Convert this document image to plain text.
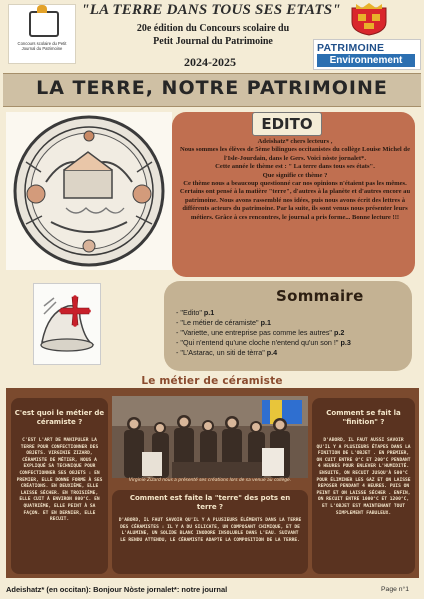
Concours scolaire du Petit Journal du Patrimoine
"LA TERRE DANS TOUS SES ETATS"
20e édition du Concours scolaire du
Petit Journal du Patrimoine
2024-2025
PATRIMOINE
Environnement
LA TERRE, NOTRE PATRIMOINE
EDITO

Adeishatz* chers lecteurs ,

Nous sommes les élèves de 5ème bilingues occitanistes du collège Louise Michel de l'Isle-Jourdain, dans le Gers. Voici nòste jornalet*.

Cette année le thème est : " La terre dans tous ses états".

Que signifie ce thème ?

Ce thème nous a beaucoup questionné car nos opinions n'étaient pas les mêmes. Certains ont pensé à la matière "terre", d'autres à la planète et d'autres encore au patrimoine. Nous avons rassemblé nos idées, puis nous avons écrit des lettres à différents acteurs du patrimoine. Par la suite, ils sont venus nous présenter leurs métiers. Grâce à ces rencontres, le journal a pris forme... Bonne lecture !!!

Sommaire
- "Edito" p.1
- "Le métier de céramiste" p.1
- "Variette, une entreprise pas comme les autres" p.2
- "Qui n'entend qu'une cloche n'entend qu'un son !" p.3
- "L'Astarac, un siti de tèrra" p.4
Le métier de céramiste
C'est quoi le métier de céramiste ?
C'EST L'ART DE MANIPULER LA TERRE POUR CONFECTIONNER DES OBJETS. VIRGINIE ZIZARD, CÉRAMISTE DE MÉTIER, NOUS A EXPLIQUÉ SA TECHNIQUE POUR CONFECTIONNER SES OBJETS : EN PREMIER, ELLE DONNE FORME À SES CRÉATIONS. EN DEUXIÈME, ELLE LAISSE SÉCHER. EN TROISIÈME, ELLE CUIT À ENVIRON 800°C. EN QUATRIÈME, ELLE PEINT À SA FAÇON. ET EN DERNIER, ELLE RECUIT.
Virginie Zizard nous a présenté ses créations lors de sa venue au collège.
Comment est faite la "terre" des pots en terre ?
D'ABORD, IL FAUT SAVOIR QU'IL Y A PLUSIEURS ÉLÉMENTS DANS LA TERRE DES CÉRAMISTES : IL Y A DU SILICATE, UN COMPOSANT CHIMIQUE, ET DE L'ALUMINE, UN SOLIDE BLANC INODORE INSOLUBLE DANS L'EAU. SUIVANT LE RENDU ATTENDU, LE CÉRAMISTE ADAPTE LA COMPOSITION DE LA TERRE.
Comment se fait la "finition" ?
D'ABORD, IL FAUT AUSSI SAVOIR QU'IL Y A PLUSIEURS ÉTAPES DANS LA FINITION DE L'OBJET . EN PREMIER, ON CUIT ENTRE 0°C ET 200°C PENDANT 4 HEURES POUR ENLEVER L'HUMIDITÉ. ENSUITE, ON RECUIT JUSQU'À 500°C POUR ÉLIMINER LES GAZ ET ON LAISSE REPOSER PENDANT 4 HEURES. PUIS ON PEINT ET ON LAISSE SÉCHER . ENFIN, ON RECUIT ENTRE 1000°C ET 1200°C, ET L'OBJET EST MAINTENANT TOUT SIMPLEMENT FABULEUX.
Adeishatz* (en occitan): Bonjour Nòste jornalet*: notre journal	Page n°1
